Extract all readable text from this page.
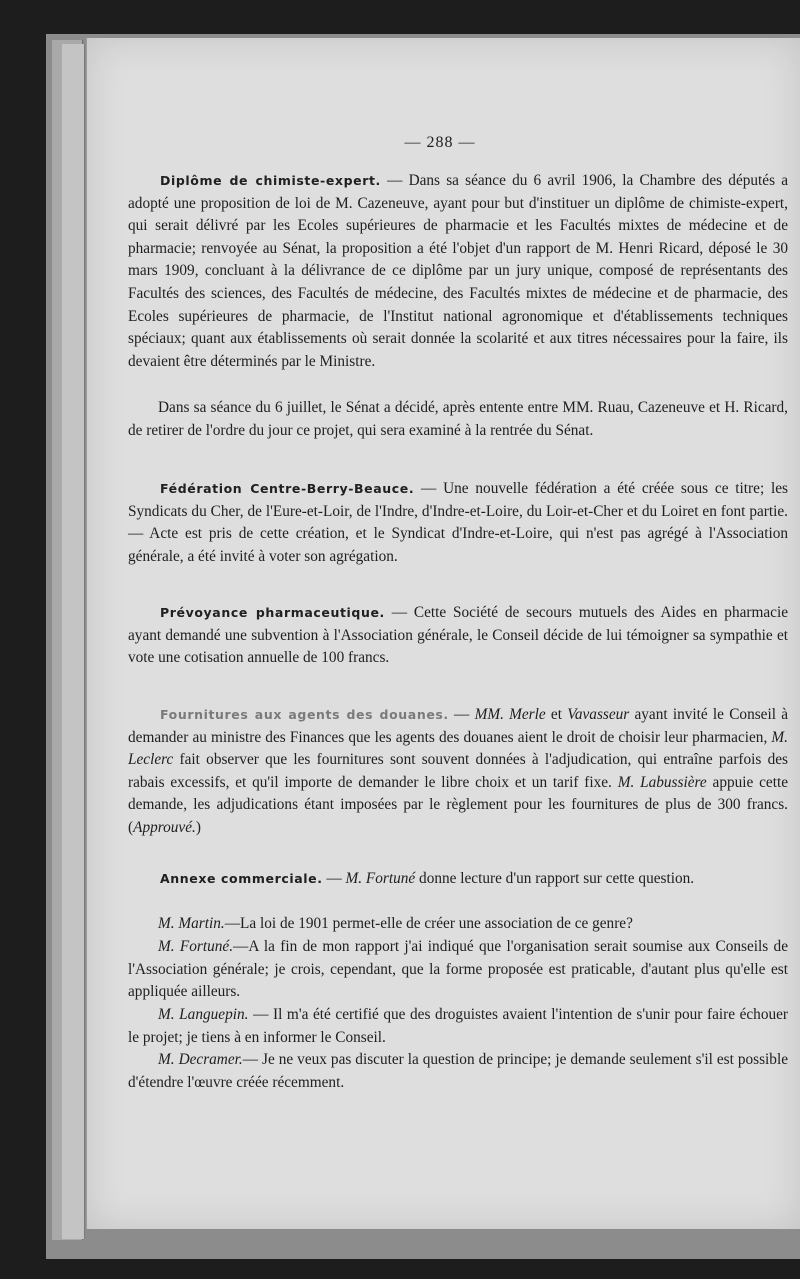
— 288 —

Diplôme de chimiste-expert. — Dans sa séance du 6 avril 1906, la Chambre des députés a adopté une proposition de loi de M. Cazeneuve, ayant pour but d'instituer un diplôme de chimiste-expert, qui serait délivré par les Ecoles supérieures de pharmacie et les Facultés mixtes de médecine et de pharmacie; renvoyée au Sénat, la proposition a été l'objet d'un rapport de M. Henri Ricard, déposé le 30 mars 1909, concluant à la délivrance de ce diplôme par un jury unique, composé de représentants des Facultés des sciences, des Facultés de médecine, des Facultés mixtes de médecine et de pharmacie, des Ecoles supérieures de pharmacie, de l'Institut national agronomique et d'établissements techniques spéciaux; quant aux établissements où serait donnée la scolarité et aux titres nécessaires pour la faire, ils devaient être déterminés par le Ministre.

Dans sa séance du 6 juillet, le Sénat a décidé, après entente entre MM. Ruau, Cazeneuve et H. Ricard, de retirer de l'ordre du jour ce projet, qui sera examiné à la rentrée du Sénat.

Fédération Centre-Berry-Beauce. — Une nouvelle fédération a été créée sous ce titre; les Syndicats du Cher, de l'Eure-et-Loir, de l'Indre, d'Indre-et-Loire, du Loir-et-Cher et du Loiret en font partie. — Acte est pris de cette création, et le Syndicat d'Indre-et-Loire, qui n'est pas agrégé à l'Association générale, a été invité à voter son agrégation.

Prévoyance pharmaceutique. — Cette Société de secours mutuels des Aides en pharmacie ayant demandé une subvention à l'Association générale, le Conseil décide de lui témoigner sa sympathie et vote une cotisation annuelle de 100 francs.

Fournitures aux agents des douanes. — MM. Merle et Vavasseur ayant invité le Conseil à demander au ministre des Finances que les agents des douanes aient le droit de choisir leur pharmacien, M. Leclerc fait observer que les fournitures sont souvent données à l'adjudication, qui entraîne parfois des rabais excessifs, et qu'il importe de demander le libre choix et un tarif fixe. M. Labussière appuie cette demande, les adjudications étant imposées par le règlement pour les fournitures de plus de 300 francs. (Approuvé.)

Annexe commerciale. — M. Fortuné donne lecture d'un rapport sur cette question.

M. Martin.—La loi de 1901 permet-elle de créer une association de ce genre?

M. Fortuné.—A la fin de mon rapport j'ai indiqué que l'organisation serait soumise aux Conseils de l'Association générale; je crois, cependant, que la forme proposée est praticable, d'autant plus qu'elle est appliquée ailleurs.

M. Languepin. — Il m'a été certifié que des droguistes avaient l'intention de s'unir pour faire échouer le projet; je tiens à en informer le Conseil.

M. Decramer.— Je ne veux pas discuter la question de principe; je demande seulement s'il est possible d'étendre l'œuvre créée récemment.
